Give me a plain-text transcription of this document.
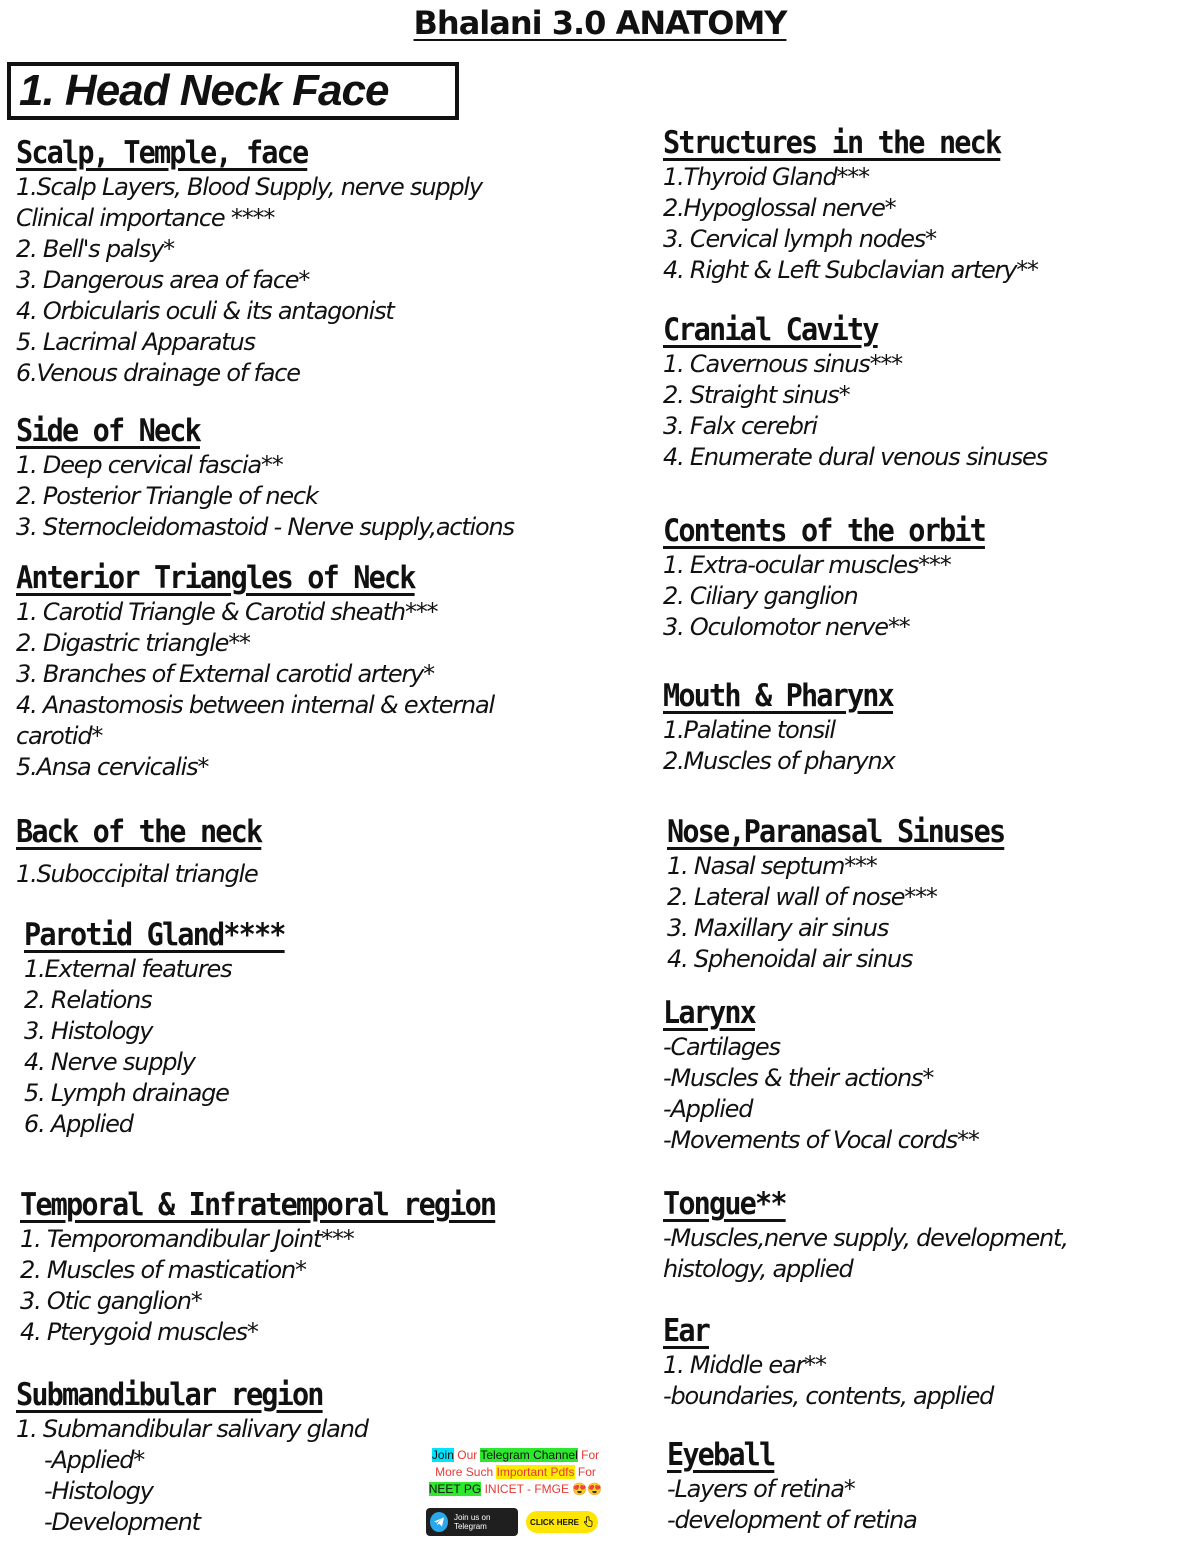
Bhalani 3.0 ANATOMY
1. Head Neck Face
Scalp, Temple, face
1.Scalp Layers, Blood Supply, nerve supply
Clinical importance ****
2. Bell's palsy*
3. Dangerous area of face*
4. Orbicularis oculi & its antagonist
5. Lacrimal Apparatus
6.Venous drainage of face
Side of Neck
1. Deep cervical fascia**
2. Posterior Triangle of neck
3. Sternocleidomastoid - Nerve supply,actions
Anterior Triangles of Neck
1. Carotid Triangle & Carotid sheath***
2. Digastric triangle**
3. Branches of External carotid artery*
4. Anastomosis between internal & external
carotid*
5.Ansa cervicalis*
Back of the neck
1.Suboccipital triangle
Parotid Gland****
1.External features
2. Relations
3. Histology
4. Nerve supply
5. Lymph drainage
6. Applied
Temporal & Infratemporal region
1. Temporomandibular Joint***
2. Muscles of mastication*
3. Otic ganglion*
4. Pterygoid muscles*
Submandibular region
1. Submandibular salivary gland
-Applied*
-Histology
-Development
Structures in the neck
1.Thyroid Gland***
2.Hypoglossal nerve*
3. Cervical lymph nodes*
4. Right & Left Subclavian artery**
Cranial Cavity
1. Cavernous sinus***
2. Straight sinus*
3. Falx cerebri
4. Enumerate dural venous sinuses
Contents of the orbit
1. Extra-ocular muscles***
2. Ciliary ganglion
3. Oculomotor nerve**
Mouth & Pharynx
1.Palatine tonsil
2.Muscles of pharynx
Nose,Paranasal Sinuses
1. Nasal septum***
2. Lateral wall of nose***
3. Maxillary air sinus
4. Sphenoidal air sinus
Larynx
-Cartilages
-Muscles & their actions*
-Applied
-Movements of Vocal cords**
Tongue**
-Muscles,nerve supply, development,
histology, applied
Ear
1. Middle ear**
-boundaries, contents, applied
Eyeball
-Layers of retina*
-development of retina
Join Our Telegram Channel For
More Such Important Pdfs For
NEET PG INICET - FMGE 😍😍
Join us on Telegram	CLICK HERE
